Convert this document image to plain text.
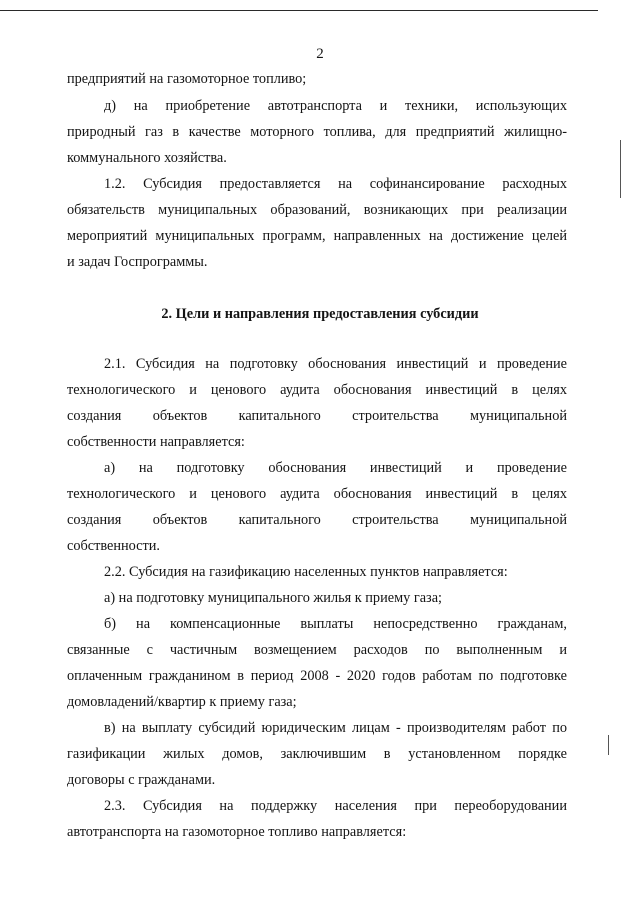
2
предприятий на газомоторное топливо;
д) на приобретение автотранспорта и техники, использующих
природный газ в качестве моторного топлива, для предприятий жилищно-
коммунального хозяйства.
1.2. Субсидия предоставляется на софинансирование расходных
обязательств муниципальных образований, возникающих при реализации
мероприятий муниципальных программ, направленных на достижение целей
и задач Госпрограммы.
2. Цели и направления предоставления субсидии
2.1. Субсидия на подготовку обоснования инвестиций и проведение
технологического и ценового аудита обоснования инвестиций в целях
создания объектов капитального строительства муниципальной
собственности направляется:
а) на подготовку обоснования инвестиций и проведение
технологического и ценового аудита обоснования инвестиций в целях
создания объектов капитального строительства муниципальной
собственности.
2.2. Субсидия на газификацию населенных пунктов направляется:
а) на подготовку муниципального жилья к приему газа;
б) на компенсационные выплаты непосредственно гражданам,
связанные с частичным возмещением расходов по выполненным и
оплаченным гражданином в период 2008 - 2020 годов работам по подготовке
домовладений/квартир к приему газа;
в) на выплату субсидий юридическим лицам - производителям работ по
газификации жилых домов, заключившим в установленном порядке
договоры с гражданами.
2.3. Субсидия на поддержку населения при переоборудовании
автотранспорта на газомоторное топливо направляется:
